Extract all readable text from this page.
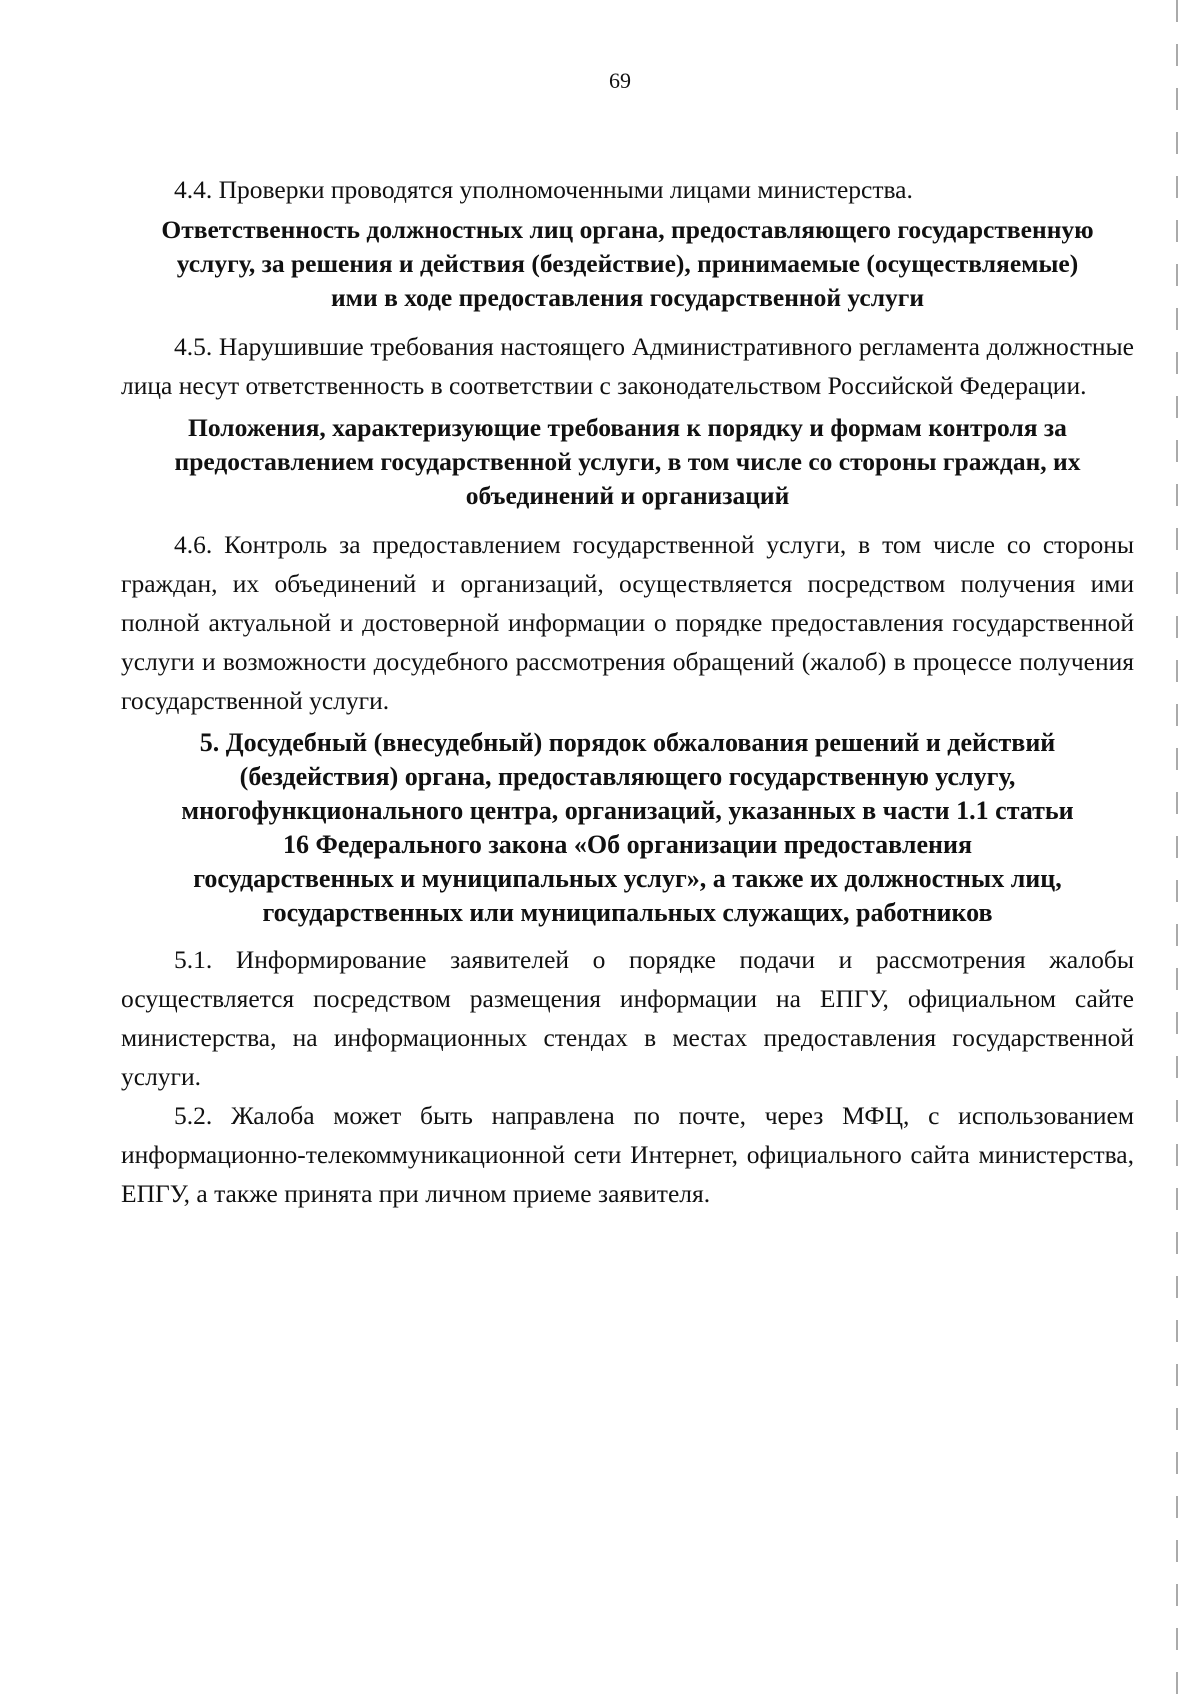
69

4.4. Проверки проводятся уполномоченными лицами министерства.

Ответственность должностных лиц органа, предоставляющего государственную услугу, за решения и действия (бездействие), принимаемые (осуществляемые) ими в ходе предоставления государственной услуги

4.5. Нарушившие требования настоящего Административного регламента должностные лица несут ответственность в соответствии с законодательством Российской Федерации.

Положения, характеризующие требования к порядку и формам контроля за предоставлением государственной услуги, в том числе со стороны граждан, их объединений и организаций

4.6. Контроль за предоставлением государственной услуги, в том числе со стороны граждан, их объединений и организаций, осуществляется посредством получения ими полной актуальной и достоверной информации о порядке предоставления государственной услуги и возможности досудебного рассмотрения обращений (жалоб) в процессе получения государственной услуги.

5. Досудебный (внесудебный) порядок обжалования решений и действий (бездействия) органа, предоставляющего государственную услугу, многофункционального центра, организаций, указанных в части 1.1 статьи 16 Федерального закона «Об организации предоставления государственных и муниципальных услуг», а также их должностных лиц, государственных или муниципальных служащих, работников

5.1. Информирование заявителей о порядке подачи и рассмотрения жалобы осуществляется посредством размещения информации на ЕПГУ, официальном сайте министерства, на информационных стендах в местах предоставления государственной услуги.

5.2. Жалоба может быть направлена по почте, через МФЦ, с использованием информационно-телекоммуникационной сети Интернет, официального сайта министерства, ЕПГУ, а также принята при личном приеме заявителя.
